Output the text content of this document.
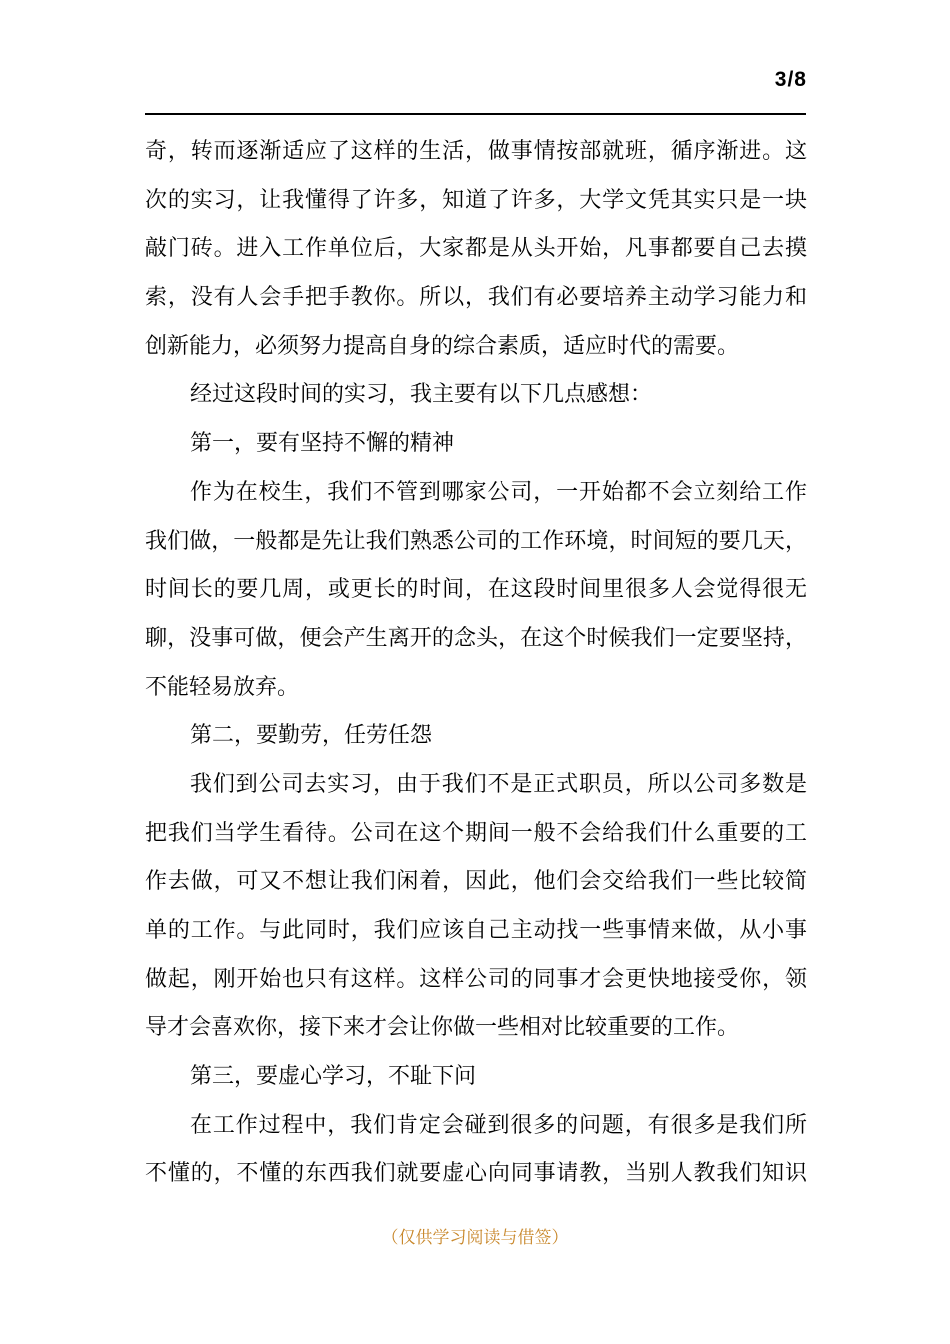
3/8
奇，转而逐渐适应了这样的生活，做事情按部就班，循序渐进。这
次的实习，让我懂得了许多，知道了许多，大学文凭其实只是一块
敲门砖。进入工作单位后，大家都是从头开始，凡事都要自己去摸
索，没有人会手把手教你。所以，我们有必要培养主动学习能力和
创新能力，必须努力提高自身的综合素质，适应时代的需要。
经过这段时间的实习，我主要有以下几点感想：
第一，要有坚持不懈的精神
作为在校生，我们不管到哪家公司，一开始都不会立刻给工作
我们做，一般都是先让我们熟悉公司的工作环境，时间短的要几天，
时间长的要几周，或更长的时间，在这段时间里很多人会觉得很无
聊，没事可做，便会产生离开的念头，在这个时候我们一定要坚持，
不能轻易放弃。
第二，要勤劳，任劳任怨
我们到公司去实习，由于我们不是正式职员，所以公司多数是
把我们当学生看待。公司在这个期间一般不会给我们什么重要的工
作去做，可又不想让我们闲着，因此，他们会交给我们一些比较简
单的工作。与此同时，我们应该自己主动找一些事情来做，从小事
做起，刚开始也只有这样。这样公司的同事才会更快地接受你，领
导才会喜欢你，接下来才会让你做一些相对比较重要的工作。
第三，要虚心学习，不耻下问
在工作过程中，我们肯定会碰到很多的问题，有很多是我们所
不懂的，不懂的东西我们就要虚心向同事请教，当别人教我们知识
（仅供学习阅读与借签）
